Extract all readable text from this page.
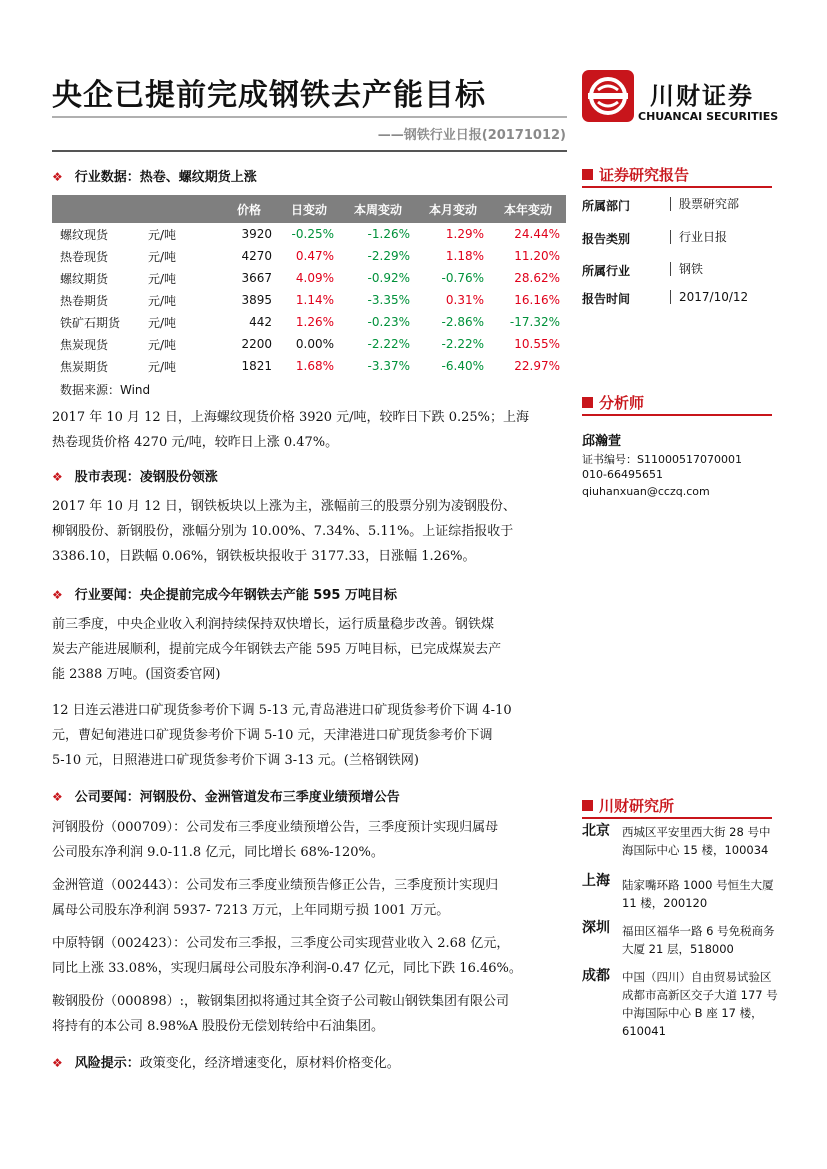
央企已提前完成钢铁去产能目标
——钢铁行业日报(20171012)
川财证券
CHUANCAI SECURITIES
❖ 行业数据：热卷、螺纹期货上涨
		价格	日变动	本周变动	本月变动	本年变动
螺纹现货	元/吨	3920	-0.25%	-1.26%	1.29%	24.44%
热卷现货	元/吨	4270	0.47%	-2.29%	1.18%	11.20%
螺纹期货	元/吨	3667	4.09%	-0.92%	-0.76%	28.62%
热卷期货	元/吨	3895	1.14%	-3.35%	0.31%	16.16%
铁矿石期货	元/吨	442	1.26%	-0.23%	-2.86%	-17.32%
焦炭现货	元/吨	2200	0.00%	-2.22%	-2.22%	10.55%
焦炭期货	元/吨	1821	1.68%	-3.37%	-6.40%	22.97%
数据来源：Wind
2017 年 10 月 12 日，上海螺纹现货价格 3920 元/吨，较昨日下跌 0.25%；上海
热卷现货价格 4270 元/吨，较昨日上涨 0.47%。
❖ 股市表现：凌钢股份领涨
2017 年 10 月 12 日，钢铁板块以上涨为主，涨幅前三的股票分别为凌钢股份、
柳钢股份、新钢股份，涨幅分别为 10.00%、7.34%、5.11%。上证综指报收于
3386.10，日跌幅 0.06%，钢铁板块报收于 3177.33，日涨幅 1.26%。
❖ 行业要闻：央企提前完成今年钢铁去产能 595 万吨目标
前三季度，中央企业收入利润持续保持双快增长，运行质量稳步改善。钢铁煤
炭去产能进展顺利，提前完成今年钢铁去产能 595 万吨目标，已完成煤炭去产
能 2388 万吨。(国资委官网)
12 日连云港进口矿现货参考价下调 5-13 元,青岛港进口矿现货参考价下调 4-10
元，曹妃甸港进口矿现货参考价下调 5-10 元，天津港进口矿现货参考价下调
5-10 元，日照港进口矿现货参考价下调 3-13 元。(兰格钢铁网)
❖ 公司要闻：河钢股份、金洲管道发布三季度业绩预增公告
河钢股份（000709）：公司发布三季度业绩预增公告，三季度预计实现归属母
公司股东净利润 9.0-11.8 亿元，同比增长 68%-120%。
金洲管道（002443）：公司发布三季度业绩预告修正公告，三季度预计实现归
属母公司股东净利润 5937- 7213 万元，上年同期亏损 1001 万元。
中原特钢（002423）：公司发布三季报，三季度公司实现营业收入 2.68 亿元，
同比上涨 33.08%，实现归属母公司股东净利润-0.47 亿元，同比下跌 16.46%。
鞍钢股份（000898）:，鞍钢集团拟将通过其全资子公司鞍山钢铁集团有限公司
将持有的本公司 8.98%A 股股份无偿划转给中石油集团。
❖ 风险提示：政策变化，经济增速变化，原材料价格变化。
证券研究报告
所属部门	股票研究部
报告类别	行业日报
所属行业	钢铁
报告时间	2017/10/12
分析师
邱瀚萱
证书编号：S1100051707000​1
010-66495651
qiuhanxuan@cczq.com
川财研究所
北京 西城区平安里西大街 28 号中海国际中心 15 楼，100034
上海 陆家嘴环路 1000 号恒生大厦 11 楼，200120
深圳 福田区福华一路 6 号免税商务大厦 21 层，518000
成都 中国（四川）自由贸易试验区成都市高新区交子大道 177 号中海国际中心 B 座 17 楼，610041
